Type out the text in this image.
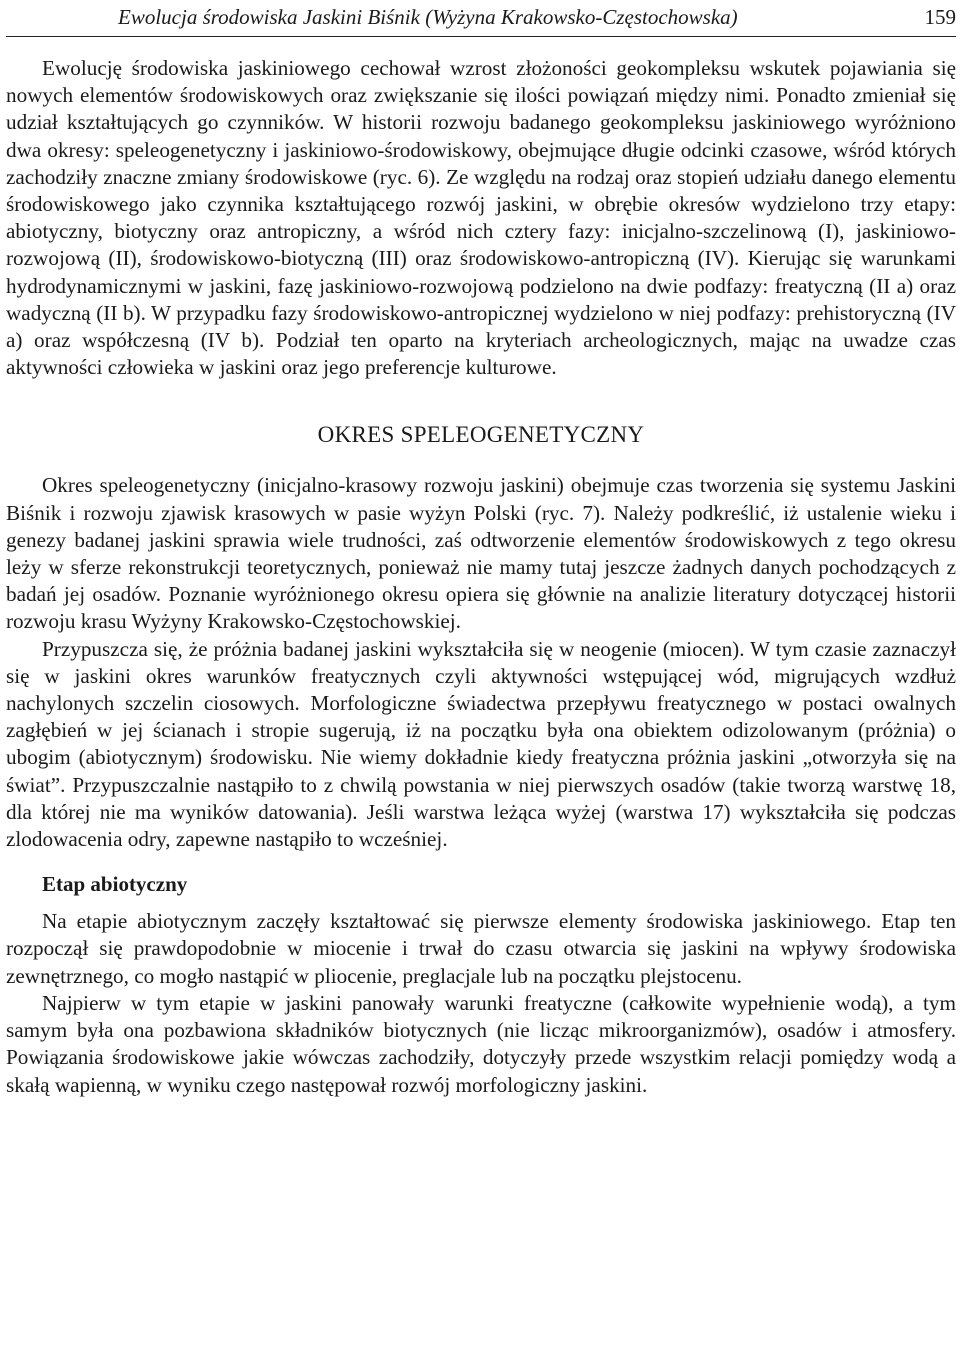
Ewolucja środowiska Jaskini Biśnik (Wyżyna Krakowsko-Częstochowska)	159

Ewolucję środowiska jaskiniowego cechował wzrost złożoności geokompleksu wskutek pojawiania się nowych elementów środowiskowych oraz zwiększanie się ilości powiązań między nimi. Ponadto zmieniał się udział kształtujących go czynników. W historii rozwoju badanego geokompleksu jaskiniowego wyróżniono dwa okresy: speleogenetyczny i jaskiniowo-środowiskowy, obejmujące długie odcinki czasowe, wśród których zachodziły znaczne zmiany środowiskowe (ryc. 6). Ze względu na rodzaj oraz stopień udziału danego elementu środowiskowego jako czynnika kształtującego rozwój jaskini, w obrębie okresów wydzielono trzy etapy: abiotyczny, biotyczny oraz antropiczny, a wśród nich cztery fazy: inicjalno-szczelinową (I), jaskiniowo-rozwojową (II), środowiskowo-biotyczną (III) oraz środowiskowo-antropiczną (IV). Kierując się warunkami hydrodynamicznymi w jaskini, fazę jaskiniowo-rozwojową podzielono na dwie podfazy: freatyczną (II a) oraz wadyczną (II b). W przypadku fazy środowiskowo-antropicznej wydzielono w niej podfazy: prehistoryczną (IV a) oraz współczesną (IV b). Podział ten oparto na kryteriach archeologicznych, mając na uwadze czas aktywności człowieka w jaskini oraz jego preferencje kulturowe.

OKRES SPELEOGENETYCZNY

Okres speleogenetyczny (inicjalno-krasowy rozwoju jaskini) obejmuje czas tworzenia się systemu Jaskini Biśnik i rozwoju zjawisk krasowych w pasie wyżyn Polski (ryc. 7). Należy podkreślić, iż ustalenie wieku i genezy badanej jaskini sprawia wiele trudności, zaś odtworzenie elementów środowiskowych z tego okresu leży w sferze rekonstrukcji teoretycznych, ponieważ nie mamy tutaj jeszcze żadnych danych pochodzących z badań jej osadów. Poznanie wyróżnionego okresu opiera się głównie na analizie literatury dotyczącej historii rozwoju krasu Wyżyny Krakowsko-Częstochowskiej.

Przypuszcza się, że próżnia badanej jaskini wykształciła się w neogenie (miocen). W tym czasie zaznaczył się w jaskini okres warunków freatycznych czyli aktywności wstępującej wód, migrujących wzdłuż nachylonych szczelin ciosowych. Morfologiczne świadectwa przepływu freatycznego w postaci owalnych zagłębień w jej ścianach i stropie sugerują, iż na początku była ona obiektem odizolowanym (próżnia) o ubogim (abiotycznym) środowisku. Nie wiemy dokładnie kiedy freatyczna próżnia jaskini „otworzyła się na świat”. Przypuszczalnie nastąpiło to z chwilą powstania w niej pierwszych osadów (takie tworzą warstwę 18, dla której nie ma wyników datowania). Jeśli warstwa leżąca wyżej (warstwa 17) wykształciła się podczas zlodowacenia odry, zapewne nastąpiło to wcześniej.

Etap abiotyczny

Na etapie abiotycznym zaczęły kształtować się pierwsze elementy środowiska jaskiniowego. Etap ten rozpoczął się prawdopodobnie w miocenie i trwał do czasu otwarcia się jaskini na wpływy środowiska zewnętrznego, co mogło nastąpić w pliocenie, preglacjale lub na początku plejstocenu.

Najpierw w tym etapie w jaskini panowały warunki freatyczne (całkowite wypełnienie wodą), a tym samym była ona pozbawiona składników biotycznych (nie licząc mikroorganizmów), osadów i atmosfery. Powiązania środowiskowe jakie wówczas zachodziły, dotyczyły przede wszystkim relacji pomiędzy wodą a skałą wapienną, w wyniku czego następował rozwój morfologiczny jaskini.
